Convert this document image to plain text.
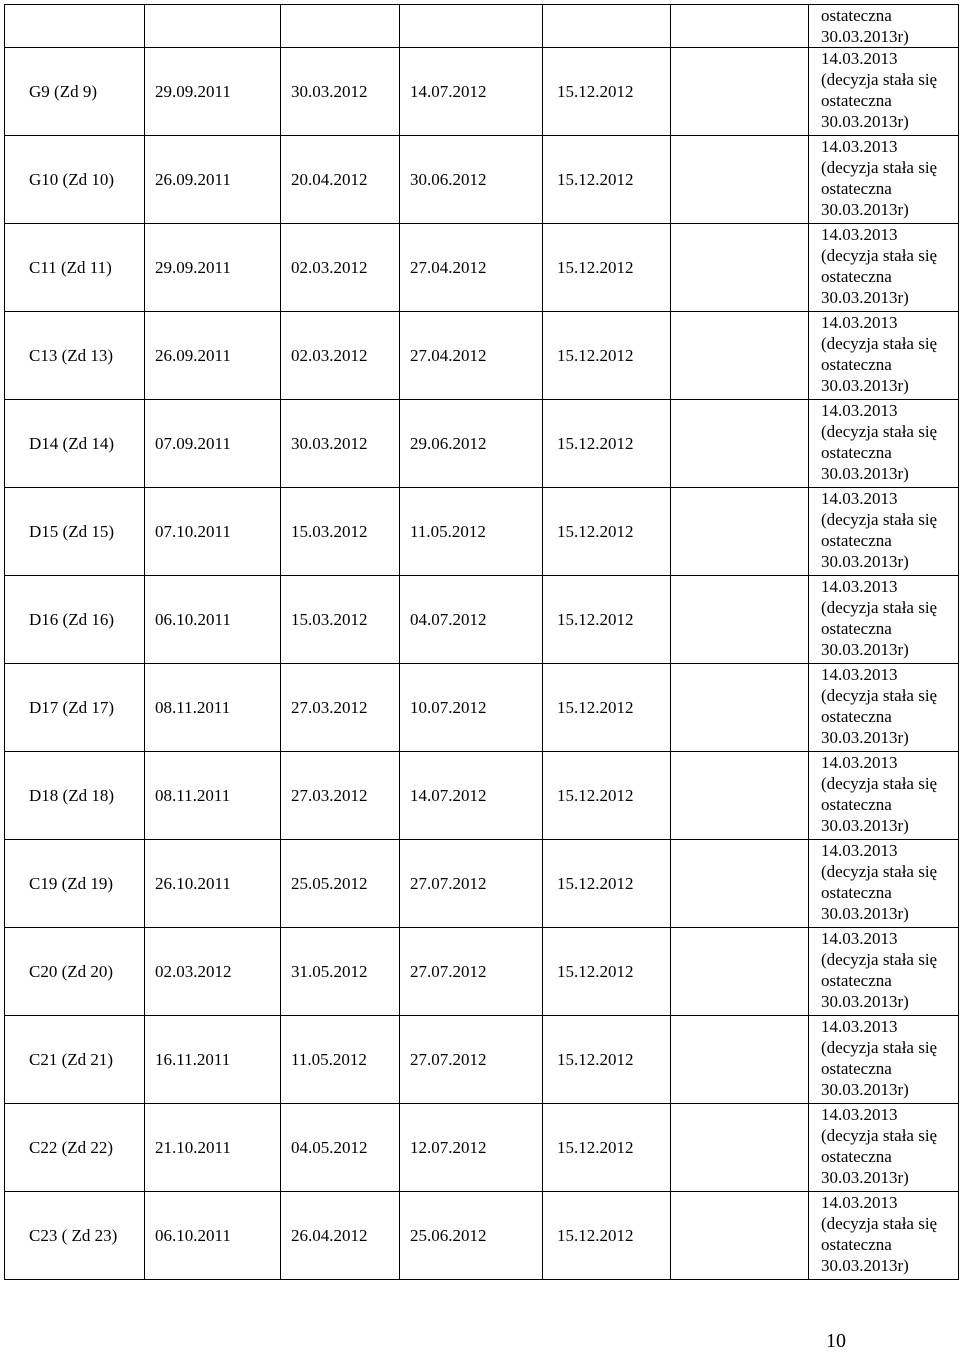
						ostateczna
30.03.2013r)

G9 (Zd 9)	29.09.2011	30.03.2012	14.07.2012	15.12.2012		14.03.2013
(decyzja stała się
ostateczna
30.03.2013r)

G10 (Zd 10)	26.09.2011	20.04.2012	30.06.2012	15.12.2012		14.03.2013
(decyzja stała się
ostateczna
30.03.2013r)

C11 (Zd 11)	29.09.2011	02.03.2012	27.04.2012	15.12.2012		14.03.2013
(decyzja stała się
ostateczna
30.03.2013r)

C13 (Zd 13)	26.09.2011	02.03.2012	27.04.2012	15.12.2012		14.03.2013
(decyzja stała się
ostateczna
30.03.2013r)

D14 (Zd 14)	07.09.2011	30.03.2012	29.06.2012	15.12.2012		14.03.2013
(decyzja stała się
ostateczna
30.03.2013r)

D15 (Zd 15)	07.10.2011	15.03.2012	11.05.2012	15.12.2012		14.03.2013
(decyzja stała się
ostateczna
30.03.2013r)

D16 (Zd 16)	06.10.2011	15.03.2012	04.07.2012	15.12.2012		14.03.2013
(decyzja stała się
ostateczna
30.03.2013r)

D17 (Zd 17)	08.11.2011	27.03.2012	10.07.2012	15.12.2012		14.03.2013
(decyzja stała się
ostateczna
30.03.2013r)

D18 (Zd 18)	08.11.2011	27.03.2012	14.07.2012	15.12.2012		14.03.2013
(decyzja stała się
ostateczna
30.03.2013r)

C19 (Zd 19)	26.10.2011	25.05.2012	27.07.2012	15.12.2012		14.03.2013
(decyzja stała się
ostateczna
30.03.2013r)

C20 (Zd 20)	02.03.2012	31.05.2012	27.07.2012	15.12.2012		14.03.2013
(decyzja stała się
ostateczna
30.03.2013r)

C21 (Zd 21)	16.11.2011	11.05.2012	27.07.2012	15.12.2012		14.03.2013
(decyzja stała się
ostateczna
30.03.2013r)

C22 (Zd 22)	21.10.2011	04.05.2012	12.07.2012	15.12.2012		14.03.2013
(decyzja stała się
ostateczna
30.03.2013r)

C23 ( Zd 23)	06.10.2011	26.04.2012	25.06.2012	15.12.2012		14.03.2013
(decyzja stała się
ostateczna
30.03.2013r)
10
